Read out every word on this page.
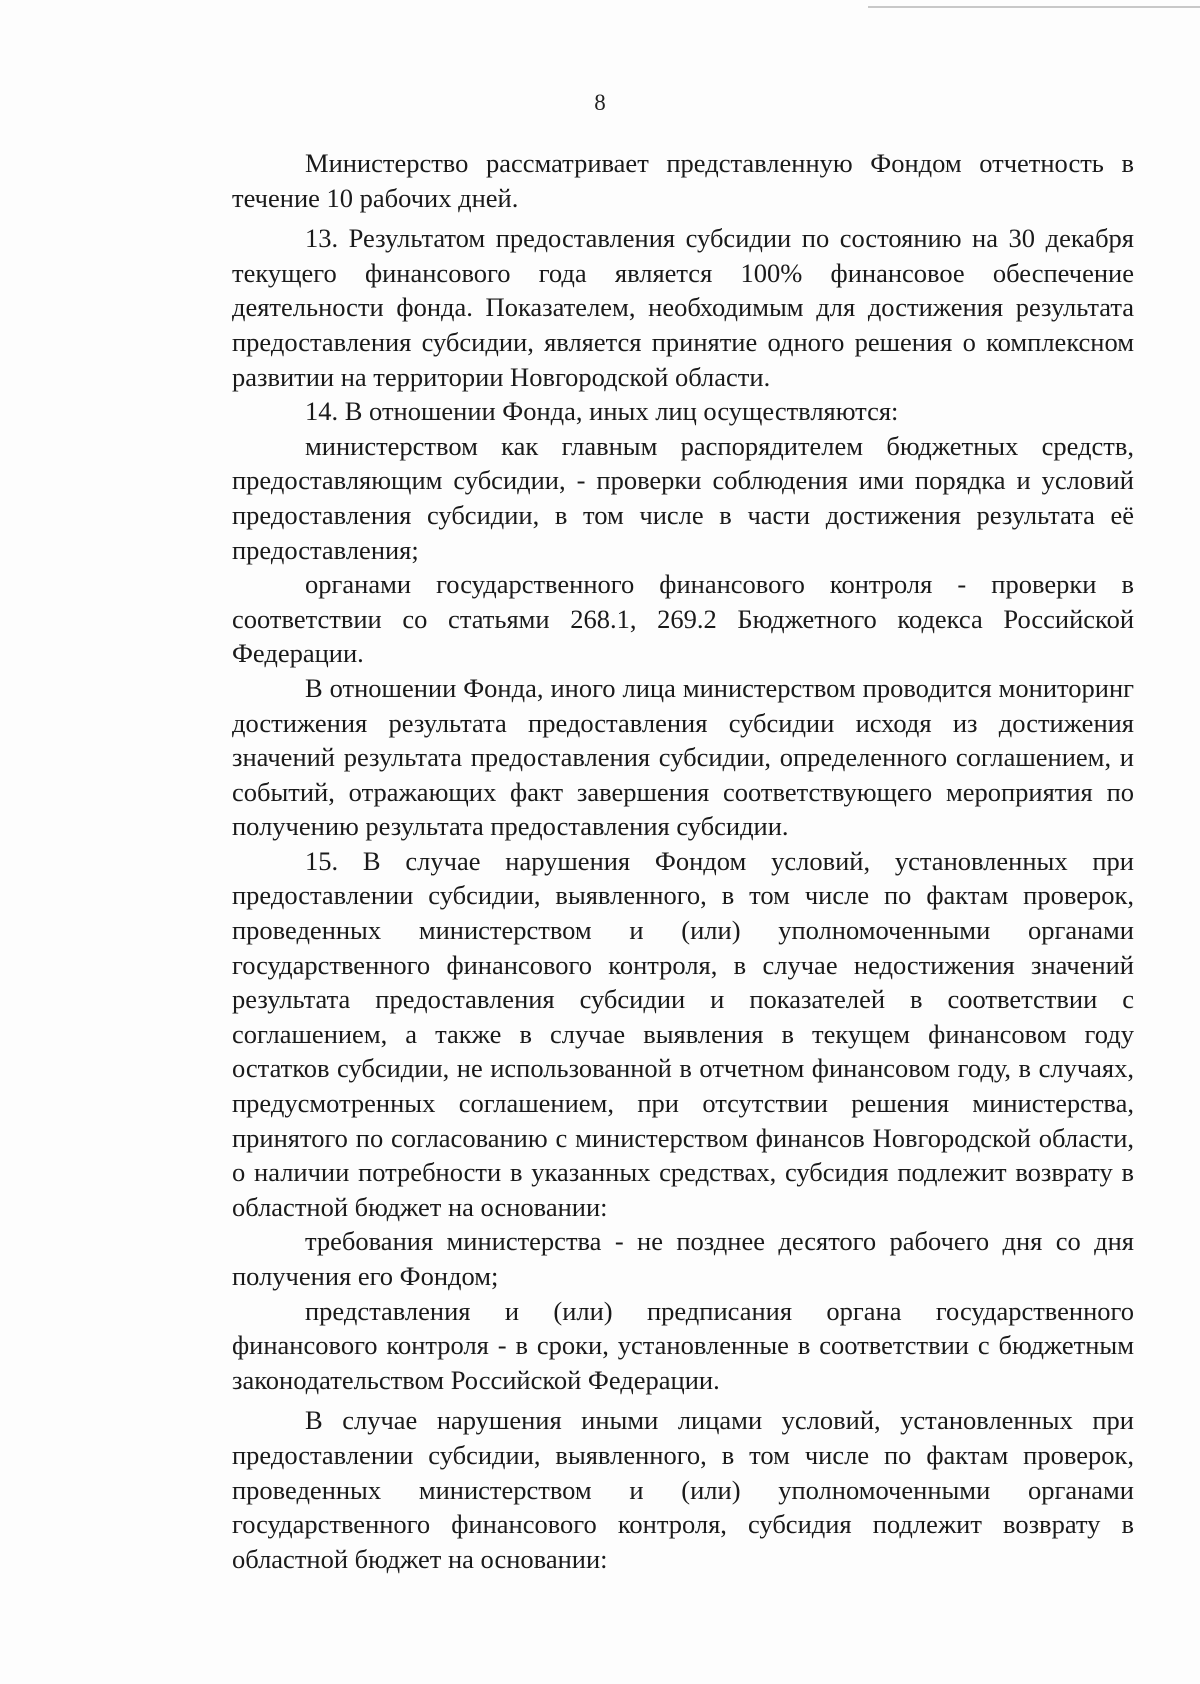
8

Министерство рассматривает представленную Фондом отчетность в течение 10 рабочих дней.

13. Результатом предоставления субсидии по состоянию на 30 декабря текущего финансового года является 100% финансовое обеспечение деятельности фонда. Показателем, необходимым для достижения результата предоставления субсидии, является принятие одного решения о комплексном развитии на территории Новгородской области.

14. В отношении Фонда, иных лиц осуществляются:

министерством как главным распорядителем бюджетных средств, предоставляющим субсидии, - проверки соблюдения ими порядка и условий предоставления субсидии, в том числе в части достижения результата её предоставления;

органами государственного финансового контроля - проверки в соответствии со статьями 268.1, 269.2 Бюджетного кодекса Российской Федерации.

В отношении Фонда, иного лица министерством проводится мониторинг достижения результата предоставления субсидии исходя из достижения значений результата предоставления субсидии, определенного соглашением, и событий, отражающих факт завершения соответствующего мероприятия по получению результата предоставления субсидии.

15. В случае нарушения Фондом условий, установленных при предоставлении субсидии, выявленного, в том числе по фактам проверок, проведенных министерством и (или) уполномоченными органами государственного финансового контроля, в случае недостижения значений результата предоставления субсидии и показателей в соответствии с соглашением, а также в случае выявления в текущем финансовом году остатков субсидии, не использованной в отчетном финансовом году, в случаях, предусмотренных соглашением, при отсутствии решения министерства, принятого по согласованию с министерством финансов Новгородской области, о наличии потребности в указанных средствах, субсидия подлежит возврату в областной бюджет на основании:

требования министерства - не позднее десятого рабочего дня со дня получения его Фондом;

представления и (или) предписания органа государственного финансового контроля - в сроки, установленные в соответствии с бюджетным законодательством Российской Федерации.

В случае нарушения иными лицами условий, установленных при предоставлении субсидии, выявленного, в том числе по фактам проверок, проведенных министерством и (или) уполномоченными органами государственного финансового контроля, субсидия подлежит возврату в областной бюджет на основании:
